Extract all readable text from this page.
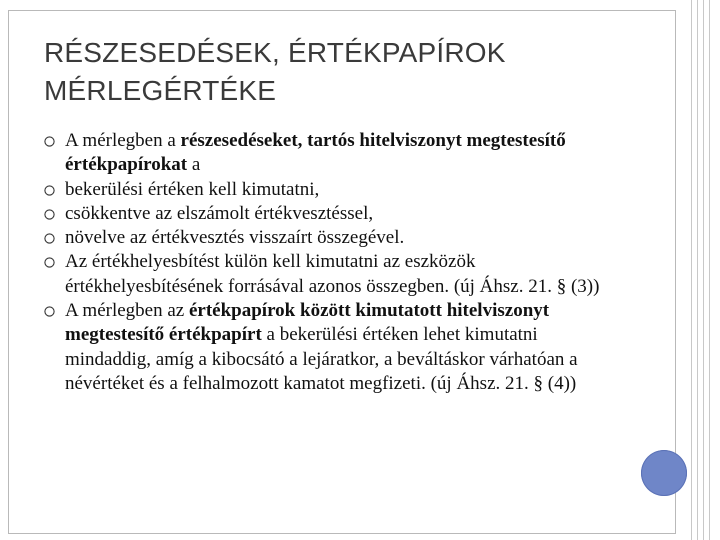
RÉSZESEDÉSEK, ÉRTÉKPAPÍROK
MÉRLEGÉRTÉKE
A mérlegben a részesedéseket, tartós hitelviszonyt megtestesítő értékpapírokat a
bekerülési értéken kell kimutatni,
csökkentve az elszámolt értékvesztéssel,
növelve az értékvesztés visszaírt összegével.
Az értékhelyesbítést külön kell kimutatni az eszközök értékhelyesbítésének forrásával azonos összegben. (új Áhsz. 21. § (3))
A mérlegben az értékpapírok között kimutatott hitelviszonyt megtestesítő értékpapírt a bekerülési értéken lehet kimutatni mindaddig, amíg a kibocsátó a lejáratkor, a beváltáskor várhatóan a névértéket és a felhalmozott kamatot megfizeti. (új Áhsz. 21. § (4))
